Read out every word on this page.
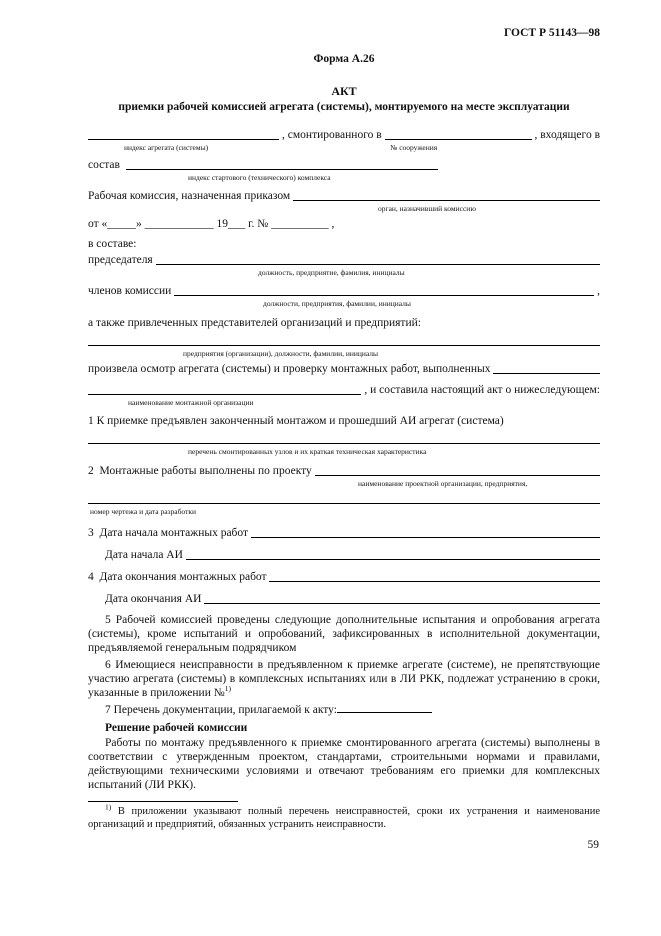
ГОСТ Р 51143—98
Форма А.26
АКТ
приемки рабочей комиссией агрегата (системы), монтируемого на месте эксплуатации
, смонтированного в	, входящего в
индекс агрегата (системы)	№ сооружения
состав
индекс стартового (технического) комплекса
Рабочая комиссия, назначенная приказом
орган, назначивший комиссию
от «_____» ____________ 19___ г. № __________ ,
в составе:
председателя
должность, предприятие, фамилия, инициалы
членов комиссии	,
должности, предприятия, фамилии, инициалы
а также привлеченных представителей организаций и предприятий:
предприятия (организации), должности, фамилии, инициалы
произвела осмотр агрегата (системы) и проверку монтажных работ, выполненных
, и составила настоящий акт о нижеследующем:
наименование монтажной организации
1 К приемке предъявлен законченный монтажом и прошедший АИ агрегат (система)
перечень смонтированных узлов и их краткая техническая характеристика
2  Монтажные работы выполнены по проекту
наименование проектной организации, предприятия,
номер чертежа и дата разработки
3  Дата начала монтажных работ
Дата начала АИ
4  Дата окончания монтажных работ
Дата окончания АИ
5 Рабочей комиссией проведены следующие дополнительные испытания и опробования агрегата (системы), кроме испытаний и опробований, зафиксированных в исполнительной документации, предъявляемой генеральным подрядчиком
6 Имеющиеся неисправности в предъявленном к приемке агрегате (системе), не препятствующие участию агрегата (системы) в комплексных испытаниях или в ЛИ РКК, подлежат устранению в сроки, указанные в приложении №$^{1)}$
7 Перечень документации, прилагаемой к акту:
Решение рабочей комиссии
Работы по монтажу предъявленного к приемке смонтированного агрегата (системы) выполнены в соответствии с утвержденным проектом, стандартами, строительными нормами и правилами, действующими техническими условиями и отвечают требованиям его приемки для комплексных испытаний (ЛИ РКК).
$^{1)}$ В приложении указывают полный перечень неисправностей, сроки их устранения и наименование организаций и предприятий, обязанных устранить неисправности.
59
